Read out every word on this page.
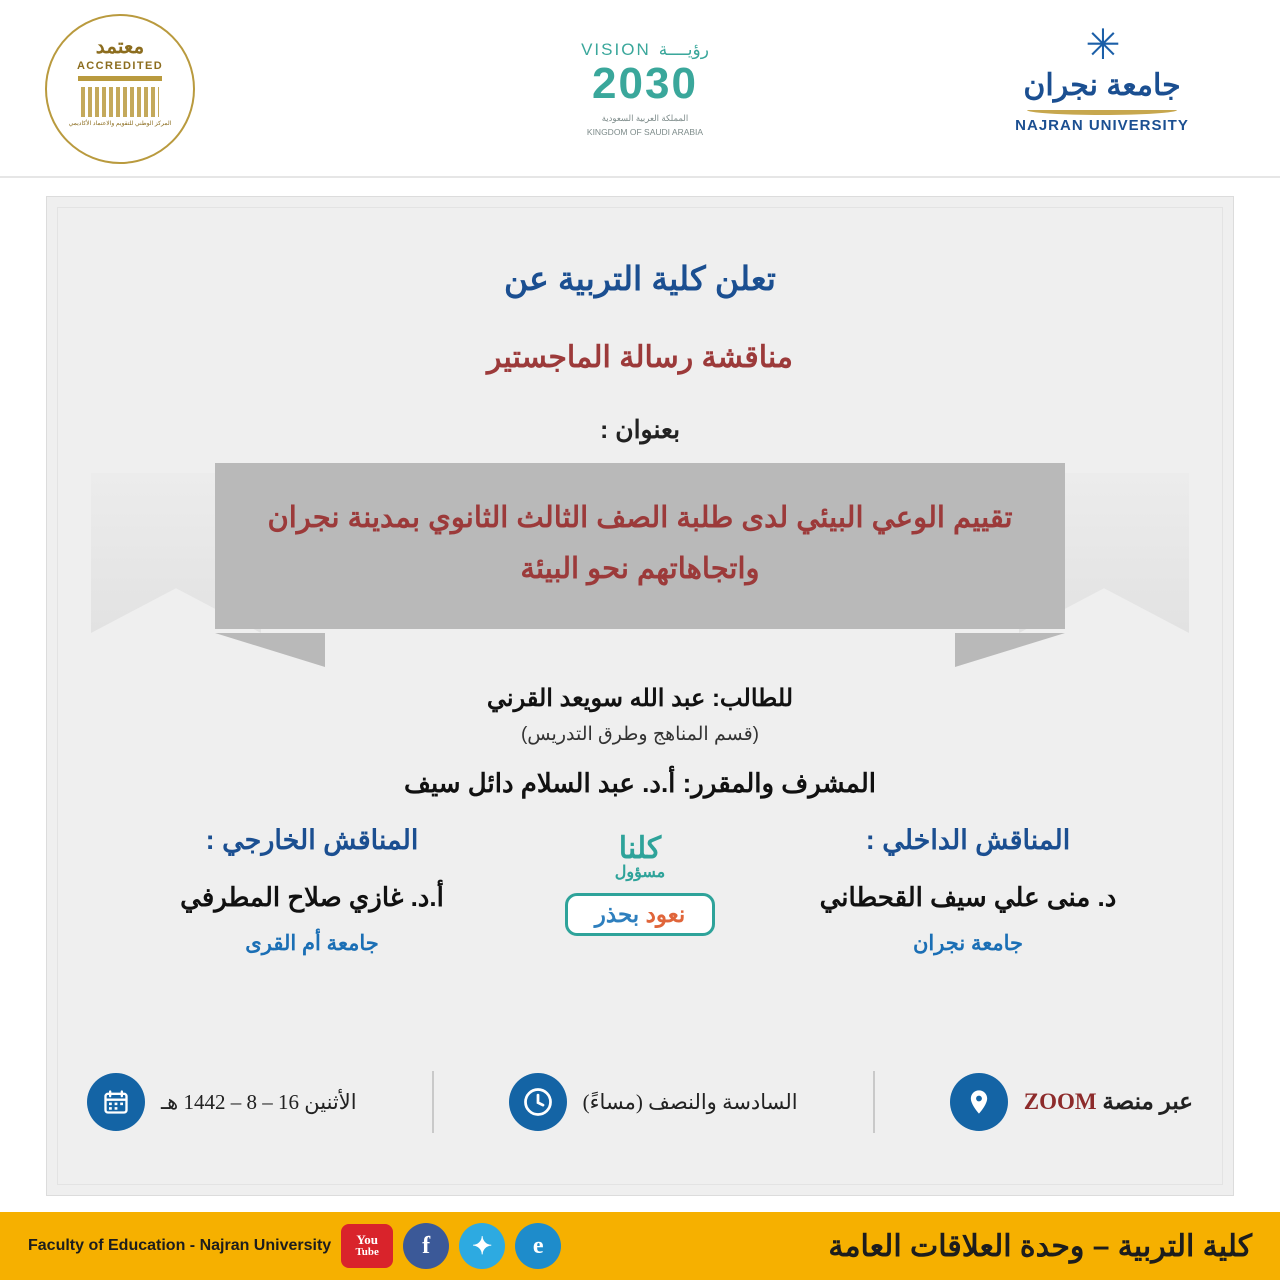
معتمد
ACCREDITED
المركز الوطني للتقويم والاعتماد الأكاديمي
رؤيــــة
VISION
2030
المملكة العربية السعودية
KINGDOM OF SAUDI ARABIA
✳
جامعة نجران
NAJRAN UNIVERSITY
تعلن كلية التربية عن
مناقشة رسالة الماجستير
بعنوان :
تقييم الوعي البيئي لدى طلبة الصف الثالث الثانوي بمدينة نجران
واتجاهاتهم نحو البيئة
للطالب: عبد الله سويعد القرني
(قسم المناهج وطرق التدريس)
المشرف والمقرر: أ.د. عبد السلام دائل سيف
المناقش الداخلي :
د. منى علي سيف القحطاني
جامعة نجران
كلنا
مسؤول
نعود بحذر
المناقش الخارجي :
أ.د. غازي صلاح المطرفي
جامعة أم القرى
عبر منصة ZOOM
السادسة والنصف (مساءً)
الأثنين 16 – 8 – 1442 هـ
كلية التربية – وحدة العلاقات العامة
e
✦
f
You
Tube
Faculty of Education - Najran University
